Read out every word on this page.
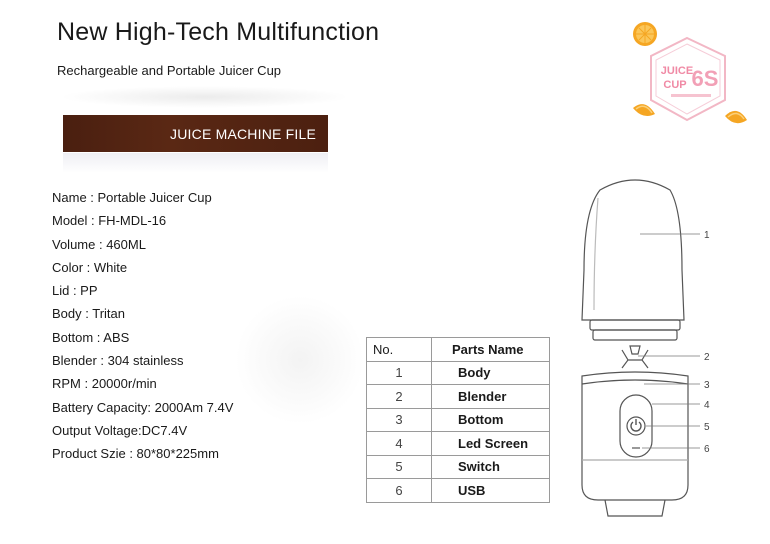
New High-Tech Multifunction
Rechargeable and Portable Juicer Cup
JUICE MACHINE FILE
Name : Portable Juicer Cup
Model : FH-MDL-16
Volume : 460ML
Color : White
Lid : PP
Body : Tritan
Bottom : ABS
Blender : 304 stainless
RPM : 20000r/min
Battery Capacity: 2000Am 7.4V
Output Voltage:DC7.4V
Product Szie : 80*80*225mm
JUICE
CUP 6S
No.	Parts Name
1	Body
2	Blender
3	Bottom
4	Led Screen
5	Switch
6	USB
1
2
3
4
5
6
